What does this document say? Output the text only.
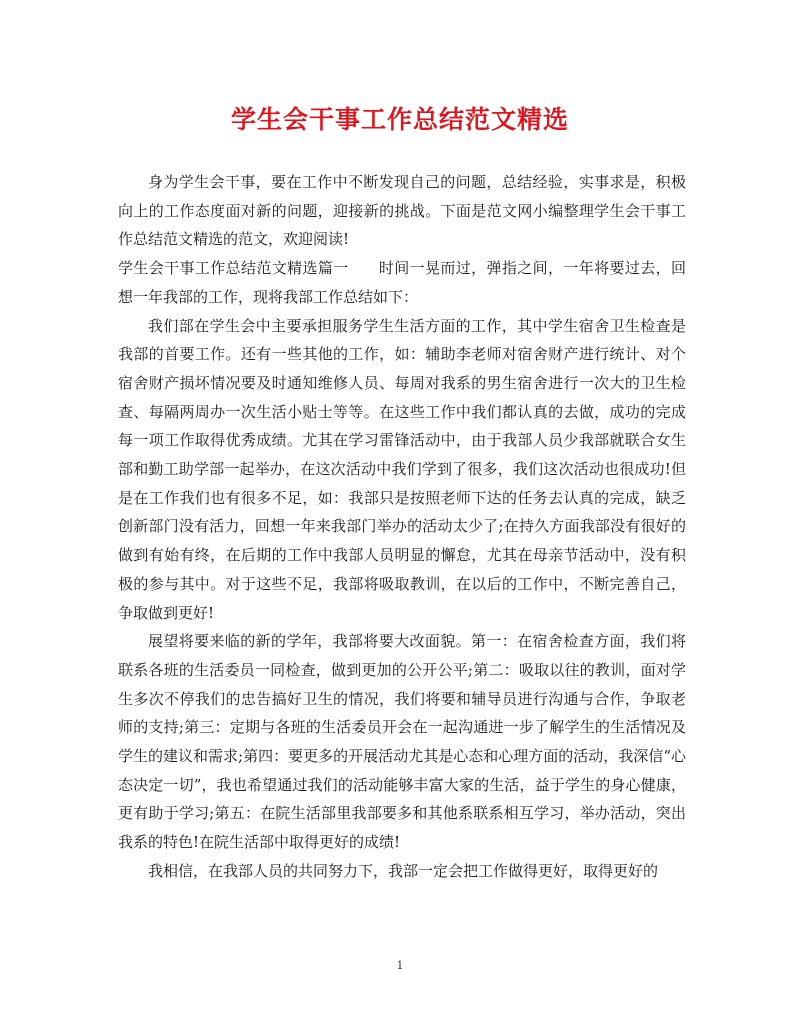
学生会干事工作总结范文精选

身为学生会干事，要在工作中不断发现自己的问题，总结经验，实事求是，积极向上的工作态度面对新的问题，迎接新的挑战。下面是范文网小编整理学生会干事工作总结范文精选的范文，欢迎阅读!

学生会干事工作总结范文精选篇一 时间一晃而过，弹指之间，一年将要过去，回想一年我部的工作，现将我部工作总结如下：

我们部在学生会中主要承担服务学生生活方面的工作，其中学生宿舍卫生检查是我部的首要工作。还有一些其他的工作，如：辅助李老师对宿舍财产进行统计、对个宿舍财产损坏情况要及时通知维修人员、每周对我系的男生宿舍进行一次大的卫生检查、每隔两周办一次生活小贴士等等。在这些工作中我们都认真的去做，成功的完成每一项工作取得优秀成绩。尤其在学习雷锋活动中，由于我部人员少我部就联合女生部和勤工助学部一起举办，在这次活动中我们学到了很多，我们这次活动也很成功!但是在工作我们也有很多不足，如：我部只是按照老师下达的任务去认真的完成，缺乏创新部门没有活力，回想一年来我部门举办的活动太少了;在持久方面我部没有很好的做到有始有终，在后期的工作中我部人员明显的懈怠，尤其在母亲节活动中，没有积极的参与其中。对于这些不足，我部将吸取教训，在以后的工作中，不断完善自己，争取做到更好!

展望将要来临的新的学年，我部将要大改面貌。第一：在宿舍检查方面，我们将联系各班的生活委员一同检查，做到更加的公开公平;第二：吸取以往的教训，面对学生多次不停我们的忠告搞好卫生的情况，我们将要和辅导员进行沟通与合作，争取老师的支持;第三：定期与各班的生活委员开会在一起沟通进一步了解学生的生活情况及学生的建议和需求;第四：要更多的开展活动尤其是心态和心理方面的活动，我深信“心态决定一切”，我也希望通过我们的活动能够丰富大家的生活，益于学生的身心健康，更有助于学习;第五：在院生活部里我部要多和其他系联系相互学习，举办活动，突出我系的特色!在院生活部中取得更好的成绩!

我相信，在我部人员的共同努力下，我部一定会把工作做得更好，取得更好的

1
